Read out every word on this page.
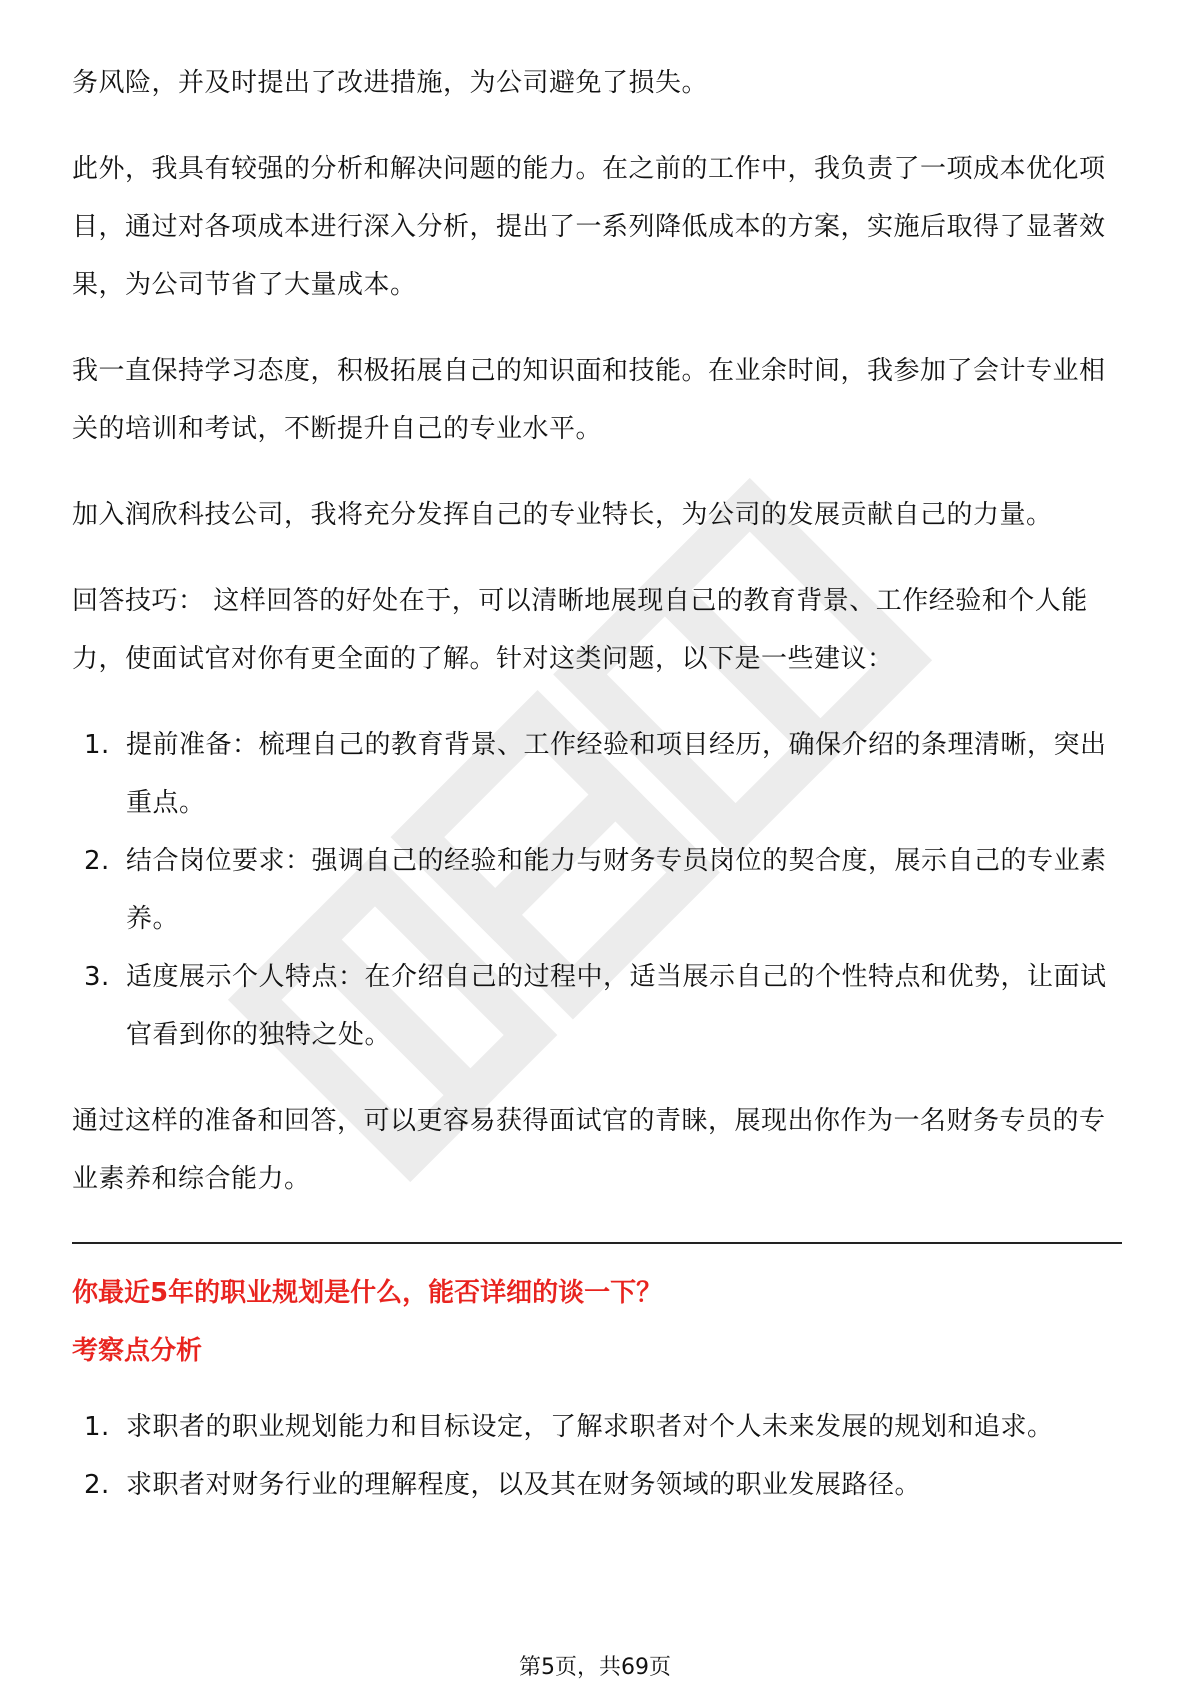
务风险，并及时提出了改进措施，为公司避免了损失。

此外，我具有较强的分析和解决问题的能力。在之前的工作中，我负责了一项成本优化项目，通过对各项成本进行深入分析，提出了一系列降低成本的方案，实施后取得了显著效果，为公司节省了大量成本。

我一直保持学习态度，积极拓展自己的知识面和技能。在业余时间，我参加了会计专业相关的培训和考试，不断提升自己的专业水平。

加入润欣科技公司，我将充分发挥自己的专业特长，为公司的发展贡献自己的力量。

回答技巧： 这样回答的好处在于，可以清晰地展现自己的教育背景、工作经验和个人能力，使面试官对你有更全面的了解。针对这类问题，以下是一些建议：

1. 提前准备：梳理自己的教育背景、工作经验和项目经历，确保介绍的条理清晰，突出重点。
2. 结合岗位要求：强调自己的经验和能力与财务专员岗位的契合度，展示自己的专业素养。
3. 适度展示个人特点：在介绍自己的过程中，适当展示自己的个性特点和优势，让面试官看到你的独特之处。

通过这样的准备和回答，可以更容易获得面试官的青睐，展现出你作为一名财务专员的专业素养和综合能力。

你最近5年的职业规划是什么，能否详细的谈一下？

考察点分析

1. 求职者的职业规划能力和目标设定，了解求职者对个人未来发展的规划和追求。
2. 求职者对财务行业的理解程度，以及其在财务领域的职业发展路径。
第5页，共69页
